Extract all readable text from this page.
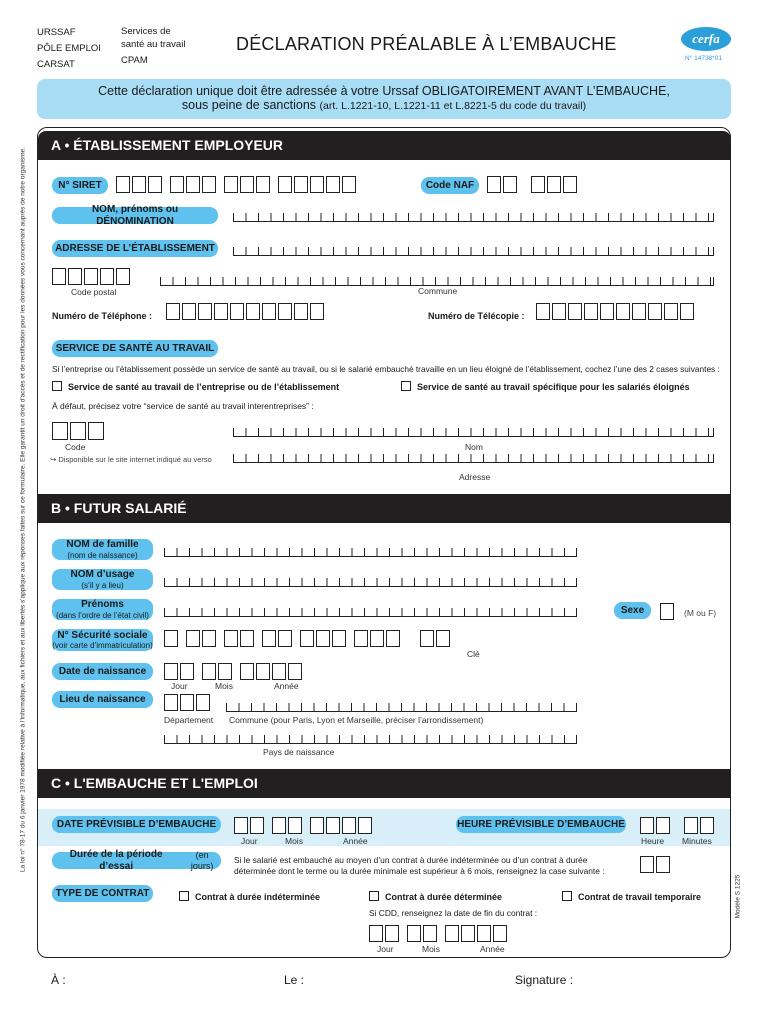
URSSAF
PÔLE EMPLOI
CARSAT
Services de
santé au travail
CPAM
DÉCLARATION PRÉALABLE À L’EMBAUCHE	cerfa
N° 14738*01
Cette déclaration unique doit être adressée à votre Urssaf OBLIGATOIREMENT AVANT L’EMBAUCHE,
sous peine de sanctions (art. L.1221-10, L.1221-11 et L.8221-5 du code du travail)
La loi n° 78-17 du 6 janvier 1978 modifiée relative à l'informatique, aux fichiers et aux libertés s'applique aux réponses faites sur ce formulaire. Elle garantit un droit d'accès et de rectification pour les données vous concernant auprès de notre organisme.
A • ÉTABLISSEMENT EMPLOYEUR
N° SIRET	Code NAF
NOM, prénoms ou DÉNOMINATION
ADRESSE DE L’ÉTABLISSEMENT
Code postal	Commune
Numéro de Téléphone :	Numéro de Télécopie :
SERVICE DE SANTÉ AU TRAVAIL
Si l’entreprise ou l’établissement possède un service de santé au travail, ou si le salarié embauché travaille en un lieu éloigné de l’établissement, cochez l’une des 2 cases suivantes :
Service de santé au travail de l’entreprise ou de l’établissement	Service de santé au travail spécifique pour les salariés éloignés
À défaut, précisez votre “service de santé au travail interentreprises” :
Code	Nom
↪ Disponible sur le site internet indiqué au verso
Adresse
B • FUTUR SALARIÉ
NOM de famille
(nom de naissance)
NOM d’usage
(s’il y a lieu)
Prénoms
(dans l’ordre de l’état civil)	Sexe	(M ou F)
N° Sécurité sociale
(voir carte d’immatriculation)
Clé
Date de naissance
Jour	Mois	Année
Lieu de naissance
Département Commune (pour Paris, Lyon et Marseille, préciser l’arrondissement)
Pays de naissance
C • L'EMBAUCHE ET L'EMPLOI
DATE PRÉVISIBLE D’EMBAUCHE
Jour	Mois	Année
HEURE PRÉVISIBLE D’EMBAUCHE
Heure Minutes
Durée de la période d’essai
(en jours)
Si le salarié est embauché au moyen d’un contrat à durée indéterminée ou d’un contrat à durée
déterminée dont le terme ou la durée minimale est supérieur à 6 mois, renseignez la case suivante :
TYPE DE CONTRAT	Contrat à durée indéterminée	Contrat à durée déterminée	Contrat de travail temporaire
Si CDD, renseignez la date de fin du contrat :
Jour	Mois	Année
Modèle S 1225
À :	Le :	Signature :
